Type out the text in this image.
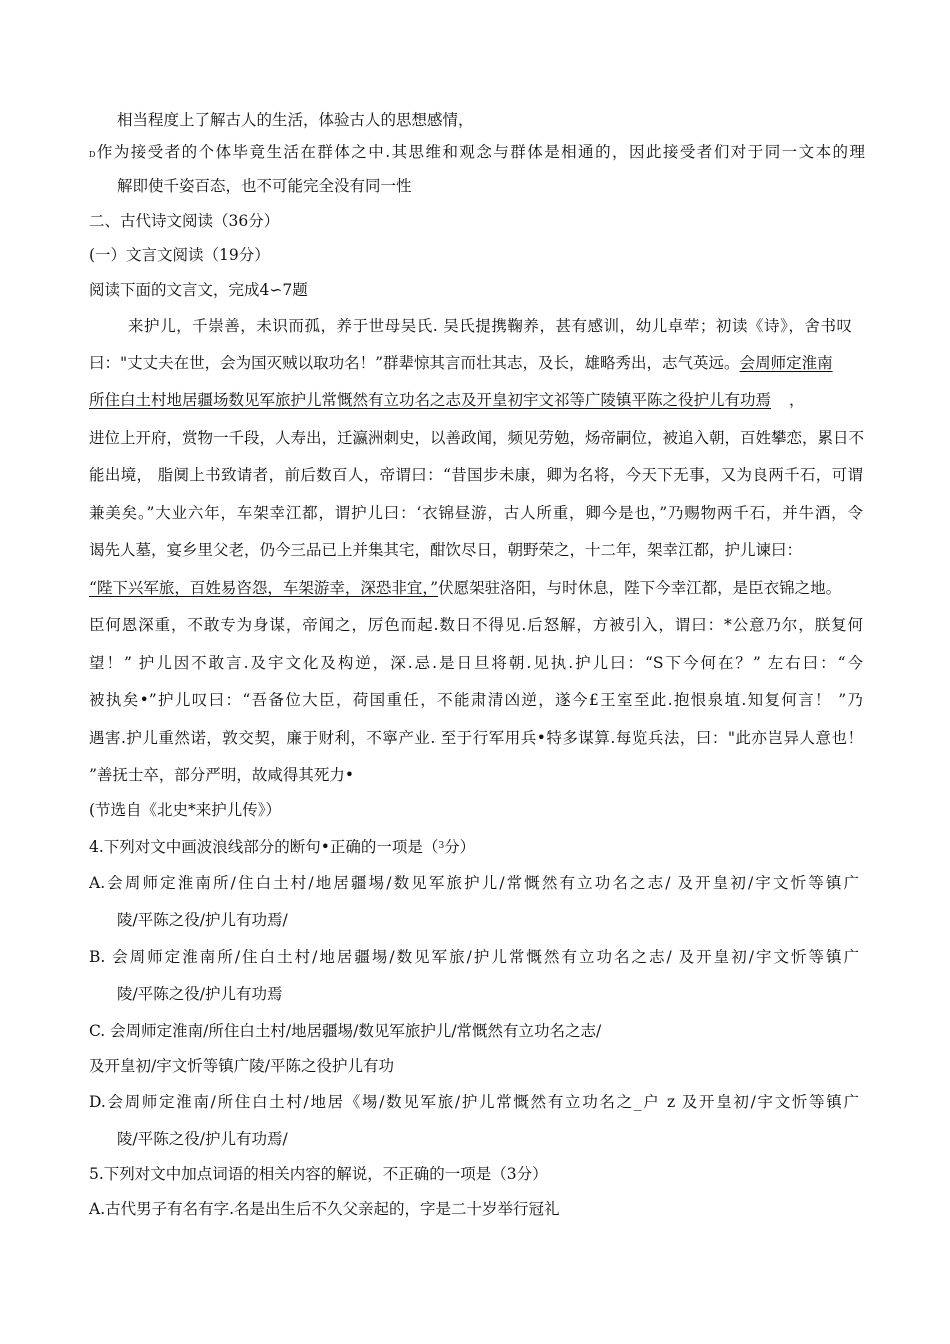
相当程度上了解古人的生活，体验古人的思想感情，
D作为接受者的个体毕竟生活在群体之中.其思维和观念与群体是相通的，因此接受者们对于同一文本的理
解即使千姿百态，也不可能完全没有同一性
二、古代诗文阅读（36分）
(一）文言文阅读（19分）
阅读下面的文言文，完成4∽7题
来护儿，千崇善，未识而孤，养于世母吴氏. 吴氏提携鞠养，甚有感训，幼儿卓荦；初读《诗》，舍书叹
曰："丈丈夫在世，会为国灭贼以取功名！”群辈惊其言而壮其志，及长，雄略秀出，志气英远。会周师定淮南
所住白土村地居疆场数见军旅护儿常慨然有立功名之志及开皇初宇文祁等广陵镇平陈之役护儿有功焉 ，
进位上开府，赏物一千段，人寿出，迁瀛洲刺史，以善政闻，频见劳勉，炀帝嗣位，被追入朝，百姓攀恋，累日不
能出境， 脂阒上书致请者，前后数百人，帝谓曰：“昔国步未康，卿为名将，今天下无事，又为良两千石，可谓
兼美矣。”大业六年，车架幸江都，谓护儿曰：‘衣锦昼游，古人所重，卿今是也，”乃赐物两千石，并牛酒，令
谒先人墓，宴乡里父老，仍今三品已上并集其宅，酣饮尽日，朝野荣之，十二年，架幸江都，护儿谏曰：
“陛下兴军旅，百姓易咨怨，车架游幸，深恐非宜，”伏愿架驻洛阳，与时休息，陛下今幸江都，是臣衣锦之地。
臣何恩深重，不敢专为身谋，帝闻之，厉色而起.数日不得见.后怒解，方被引入，谓曰：*公意乃尔，朕复何
望！” 护儿因不敢言.及宇文化及构逆，深.忌.是日旦将朝.见执.护儿曰：“S下今何在？” 左右曰：“今
被执矣•”护儿叹曰：“吾备位大臣，荷国重任，不能肃清凶逆，遂今£王室至此.抱恨泉埴.知复何言！ ”乃
遇害.护儿重然诺，敦交契，廉于财利，不寧产业. 至于行军用兵•特多谋算.每览兵法，曰："此亦岂异人意也！
”善抚士卒，部分严明，故咸得其死力•
(节选自《北史*来护儿传》）
4.下列对文中画波浪线部分的断句•正确的一项是（$^3$分）
A.会周师定淮南所/住白土村/地居疆埸/数见军旅护儿/常慨然有立功名之志/ 及开皇初/宇文忻等镇广
陵/平陈之役/护儿有功焉/
B. 会周师定淮南所/住白土村/地居疆埸/数见军旅/护儿常慨然有立功名之志/ 及开皇初/宇文忻等镇广
陵/平陈之役/护儿有功焉
C. 会周师定淮南/所住白土村/地居疆埸/数见军旅护儿/常慨然有立功名之志/
及开皇初/宇文忻等镇广陵/平陈之役护儿有功
D.会周师定淮南/所住白土村/地居《埸/数见军旅/护儿常慨然有立功名之_户 z 及开皇初/宇文忻等镇广
陵/平陈之役/护儿有功焉/
5.下列对文中加点词语的相关内容的解说，不正确的一项是（3分）
A.古代男子有名有字.名是出生后不久父亲起的，字是二十岁举行冠礼
